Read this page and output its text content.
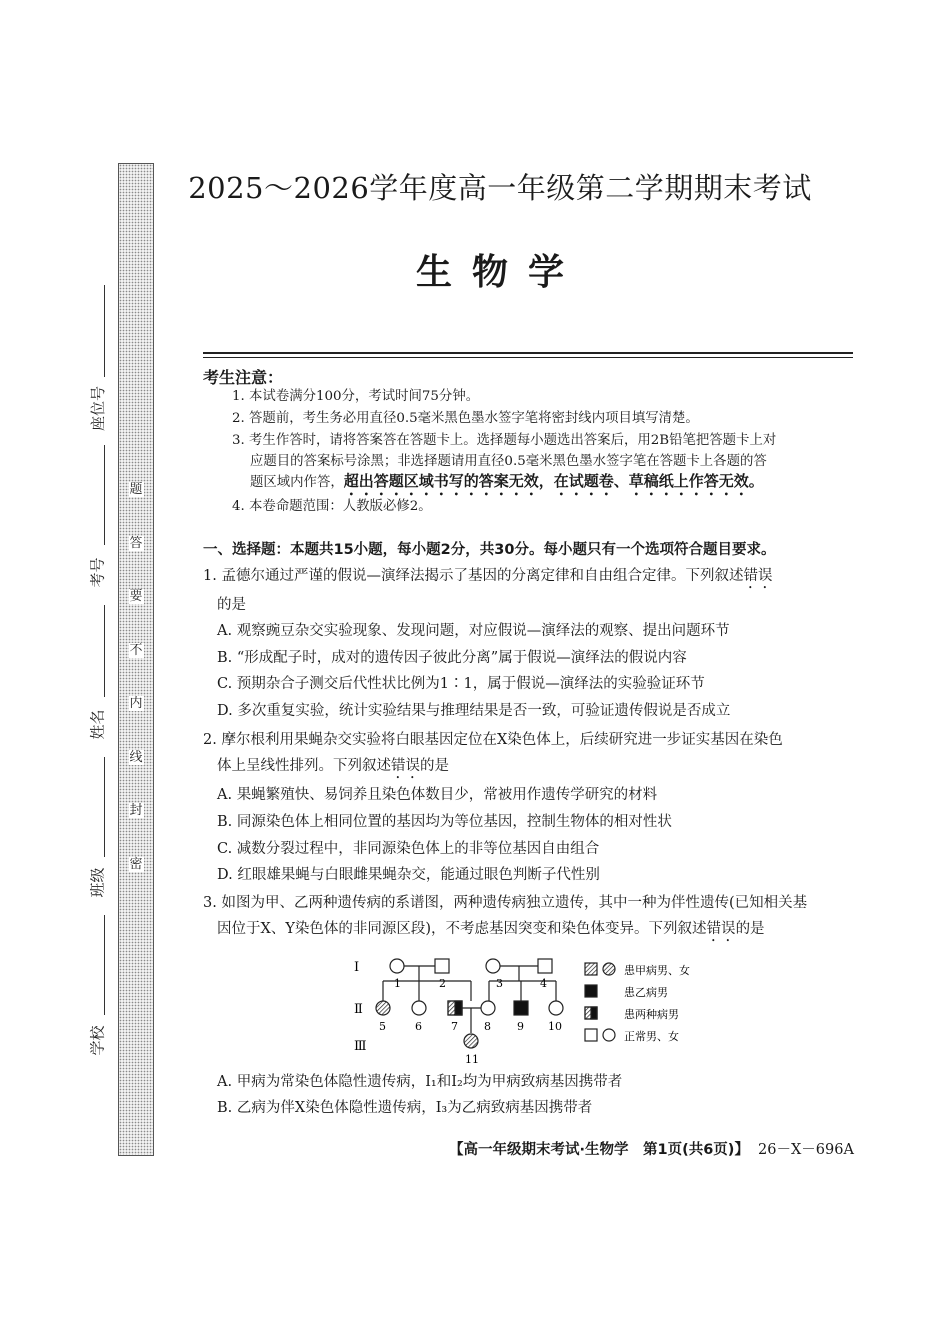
题
答
要
不
内
线
封
密
座位号
考号
姓名
班级
学校
2025～2026学年度高一年级第二学期期末考试
生物学
考生注意：
1. 本试卷满分100分，考试时间75分钟。
2. 答题前，考生务必用直径0.5毫米黑色墨水签字笔将密封线内项目填写清楚。
3. 考生作答时，请将答案答在答题卡上。选择题每小题选出答案后，用2B铅笔把答题卡上对
应题目的答案标号涂黑；非选择题请用直径0.5毫米黑色墨水签字笔在答题卡上各题的答
题区域内作答，超出答题区域书写的答案无效，在试题卷、草稿纸上作答无效。
4. 本卷命题范围：人教版必修2。
一、选择题：本题共15小题，每小题2分，共30分。每小题只有一个选项符合题目要求。
1. 孟德尔通过严谨的假说—演绎法揭示了基因的分离定律和自由组合定律。下列叙述错误
的是
A. 观察豌豆杂交实验现象、发现问题，对应假说—演绎法的观察、提出问题环节
B. “形成配子时，成对的遗传因子彼此分离”属于假说—演绎法的假说内容
C. 预期杂合子测交后代性状比例为1∶1，属于假说—演绎法的实验验证环节
D. 多次重复实验，统计实验结果与推理结果是否一致，可验证遗传假说是否成立
2. 摩尔根利用果蝇杂交实验将白眼基因定位在X染色体上，后续研究进一步证实基因在染色
体上呈线性排列。下列叙述错误的是
A. 果蝇繁殖快、易饲养且染色体数目少，常被用作遗传学研究的材料
B. 同源染色体上相同位置的基因均为等位基因，控制生物体的相对性状
C. 减数分裂过程中，非同源染色体上的非等位基因自由组合
D. 红眼雄果蝇与白眼雌果蝇杂交，能通过眼色判断子代性别
3. 如图为甲、乙两种遗传病的系谱图，两种遗传病独立遗传，其中一种为伴性遗传(已知相关基
因位于X、Y染色体的非同源区段)，不考虑基因突变和染色体变异。下列叙述错误的是
Ⅰ
Ⅱ
Ⅲ
1	2	3	4
5	6	7 8 9 10
11
患甲病男、女
患乙病男
患两种病男
正常男、女
A. 甲病为常染色体隐性遗传病，I₁和I₂均为甲病致病基因携带者
B. 乙病为伴X染色体隐性遗传病，I₃为乙病致病基因携带者
【高一年级期末考试·生物学　第1页(共6页)】 26－X－696A
